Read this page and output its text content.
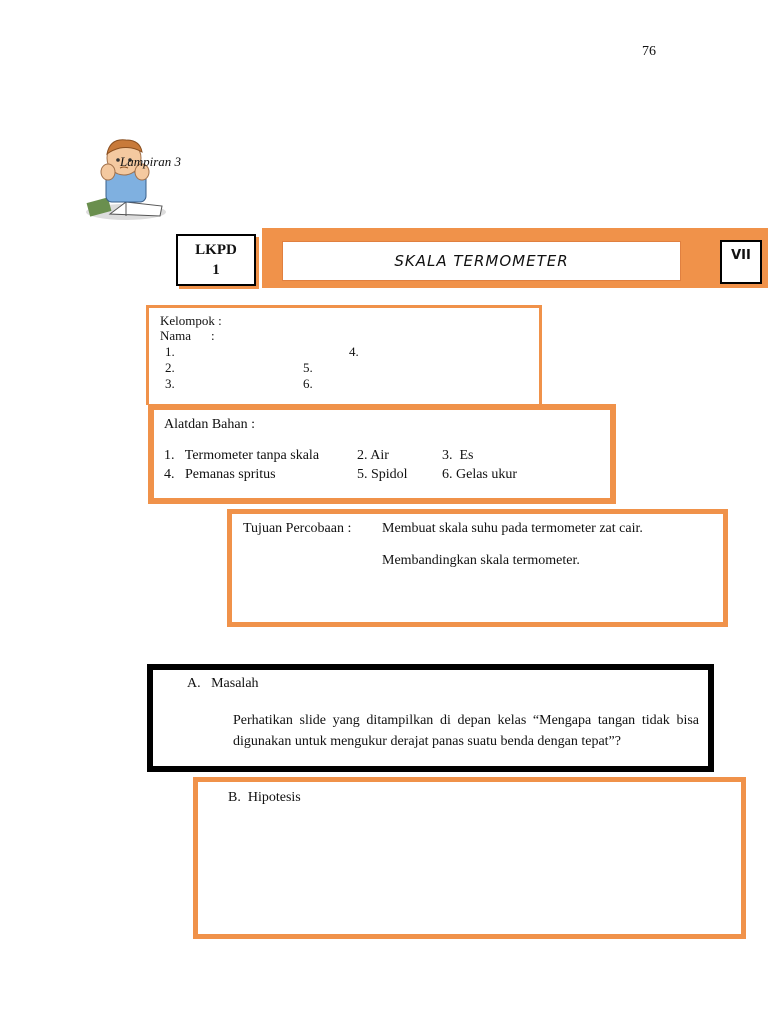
76
Lampiran 3
LKPD
1	SKALA TERMOMETER	VII
Kelompok :
Nama :
1.
2.
3.
4.
5.
6.
Alatdan Bahan :
1.   Termometer tanpa skala	2. Air	3.  Es
4.   Pemanas spritus	5. Spidol 6. Gelas ukur
Tujuan Percobaan : Membuat skala suhu pada termometer zat cair.
Membandingkan skala termometer.
A.   Masalah
Perhatikan slide yang ditampilkan di depan kelas “Mengapa tangan tidak bisa digunakan untuk mengukur derajat panas suatu benda dengan tepat”?
B.  Hipotesis
